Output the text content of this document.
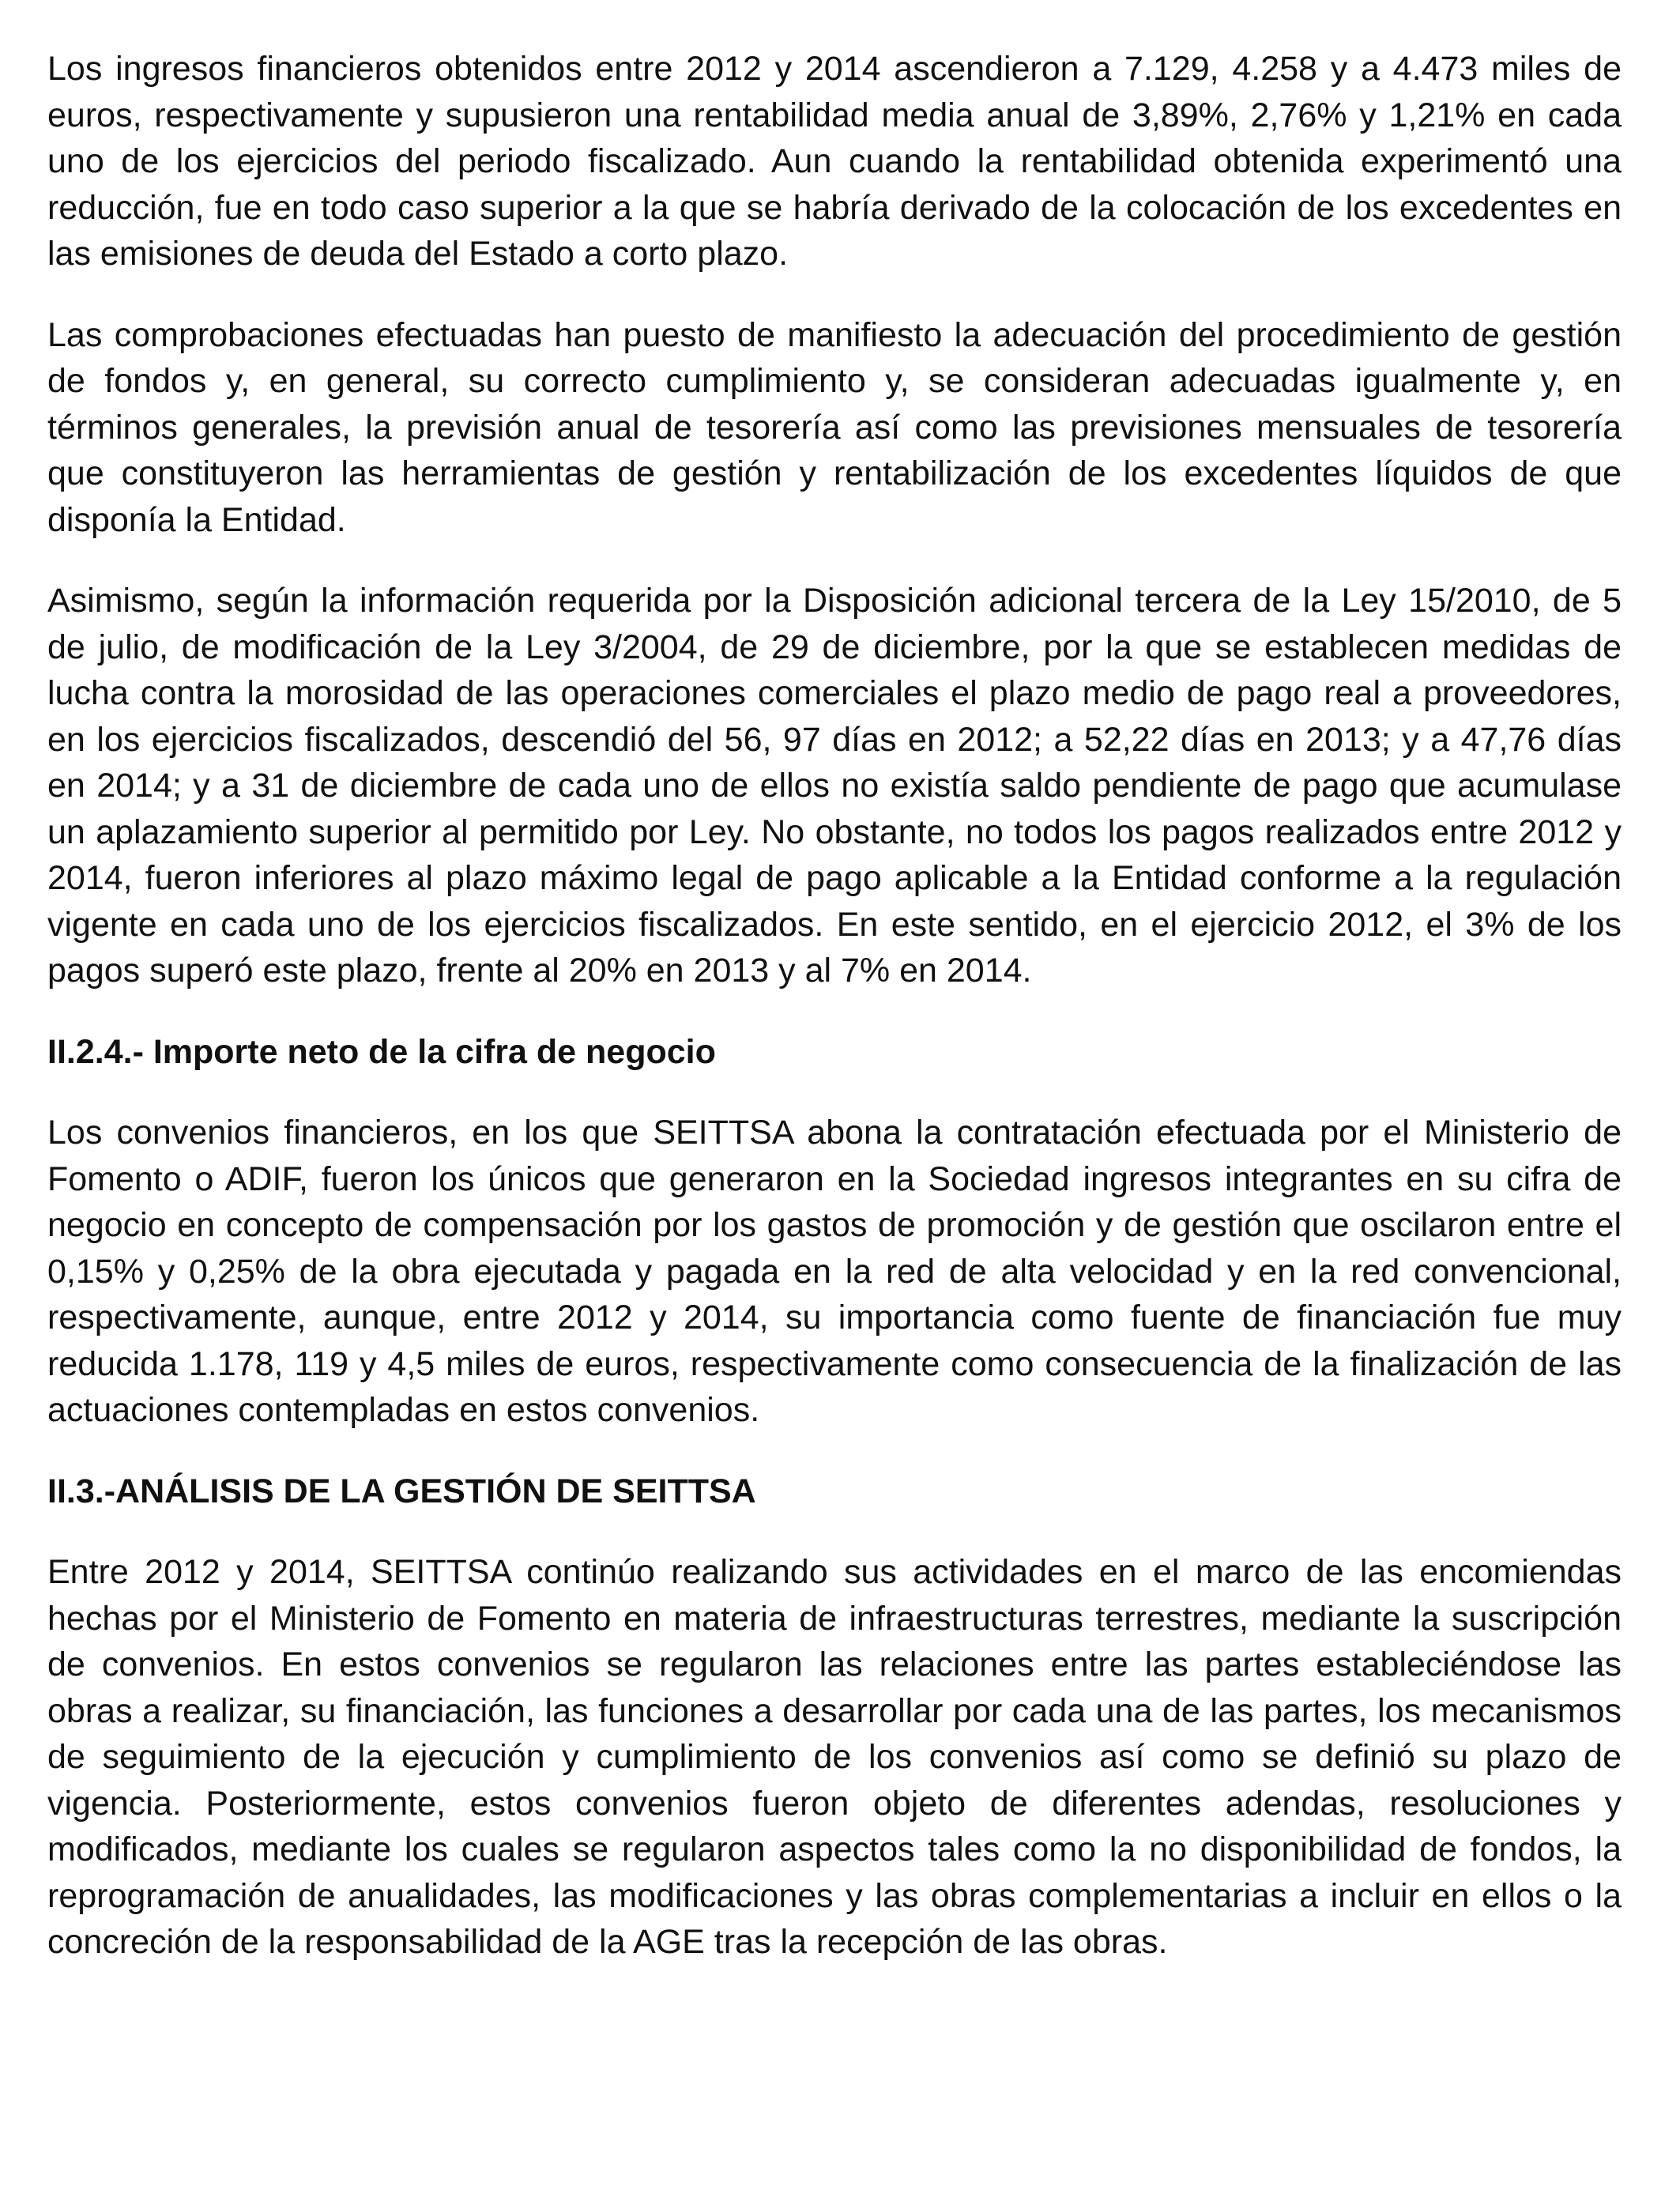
Los ingresos financieros obtenidos entre 2012 y 2014 ascendieron a 7.129, 4.258 y a 4.473 miles de euros, respectivamente y supusieron una rentabilidad media anual de 3,89%, 2,76% y 1,21% en cada uno de los ejercicios del periodo fiscalizado. Aun cuando la rentabilidad obtenida experimentó una reducción, fue en todo caso superior a la que se habría derivado de la colocación de los excedentes en las emisiones de deuda del Estado a corto plazo.

Las comprobaciones efectuadas han puesto de manifiesto la adecuación del procedimiento de gestión de fondos y, en general, su correcto cumplimiento y, se consideran adecuadas igualmente y, en términos generales, la previsión anual de tesorería así como las previsiones mensuales de tesorería que constituyeron las herramientas de gestión y rentabilización de los excedentes líquidos de que disponía la Entidad.

Asimismo, según la información requerida por la Disposición adicional tercera de la Ley 15/2010, de 5 de julio, de modificación de la Ley 3/2004, de 29 de diciembre, por la que se establecen medidas de lucha contra la morosidad de las operaciones comerciales el plazo medio de pago real a proveedores, en los ejercicios fiscalizados, descendió del 56, 97 días en 2012; a 52,22 días en 2013; y a 47,76 días en 2014; y a 31 de diciembre de cada uno de ellos no existía saldo pendiente de pago que acumulase un aplazamiento superior al permitido por Ley. No obstante, no todos los pagos realizados entre 2012 y 2014, fueron inferiores al plazo máximo legal de pago aplicable a la Entidad conforme a la regulación vigente en cada uno de los ejercicios fiscalizados. En este sentido, en el ejercicio 2012, el 3% de los pagos superó este plazo, frente al 20% en 2013 y al 7% en 2014.

II.2.4.- Importe neto de la cifra de negocio

Los convenios financieros, en los que SEITTSA abona la contratación efectuada por el Ministerio de Fomento o ADIF, fueron los únicos que generaron en la Sociedad ingresos integrantes en su cifra de negocio en concepto de compensación por los gastos de promoción y de gestión que oscilaron entre el 0,15% y 0,25% de la obra ejecutada y pagada en la red de alta velocidad y en la red convencional, respectivamente, aunque, entre 2012 y 2014, su importancia como fuente de financiación fue muy reducida 1.178, 119 y 4,5 miles de euros, respectivamente como consecuencia de la finalización de las actuaciones contempladas en estos convenios.

II.3.-ANÁLISIS DE LA GESTIÓN DE SEITTSA

Entre 2012 y 2014, SEITTSA continúo realizando sus actividades en el marco de las encomiendas hechas por el Ministerio de Fomento en materia de infraestructuras terrestres, mediante la suscripción de convenios. En estos convenios se regularon las relaciones entre las partes estableciéndose las obras a realizar, su financiación, las funciones a desarrollar por cada una de las partes, los mecanismos de seguimiento de la ejecución y cumplimiento de los convenios así como se definió su plazo de vigencia. Posteriormente, estos convenios fueron objeto de diferentes adendas, resoluciones y modificados, mediante los cuales se regularon aspectos tales como la no disponibilidad de fondos, la reprogramación de anualidades, las modificaciones y las obras complementarias a incluir en ellos o la concreción de la responsabilidad de la AGE tras la recepción de las obras.
